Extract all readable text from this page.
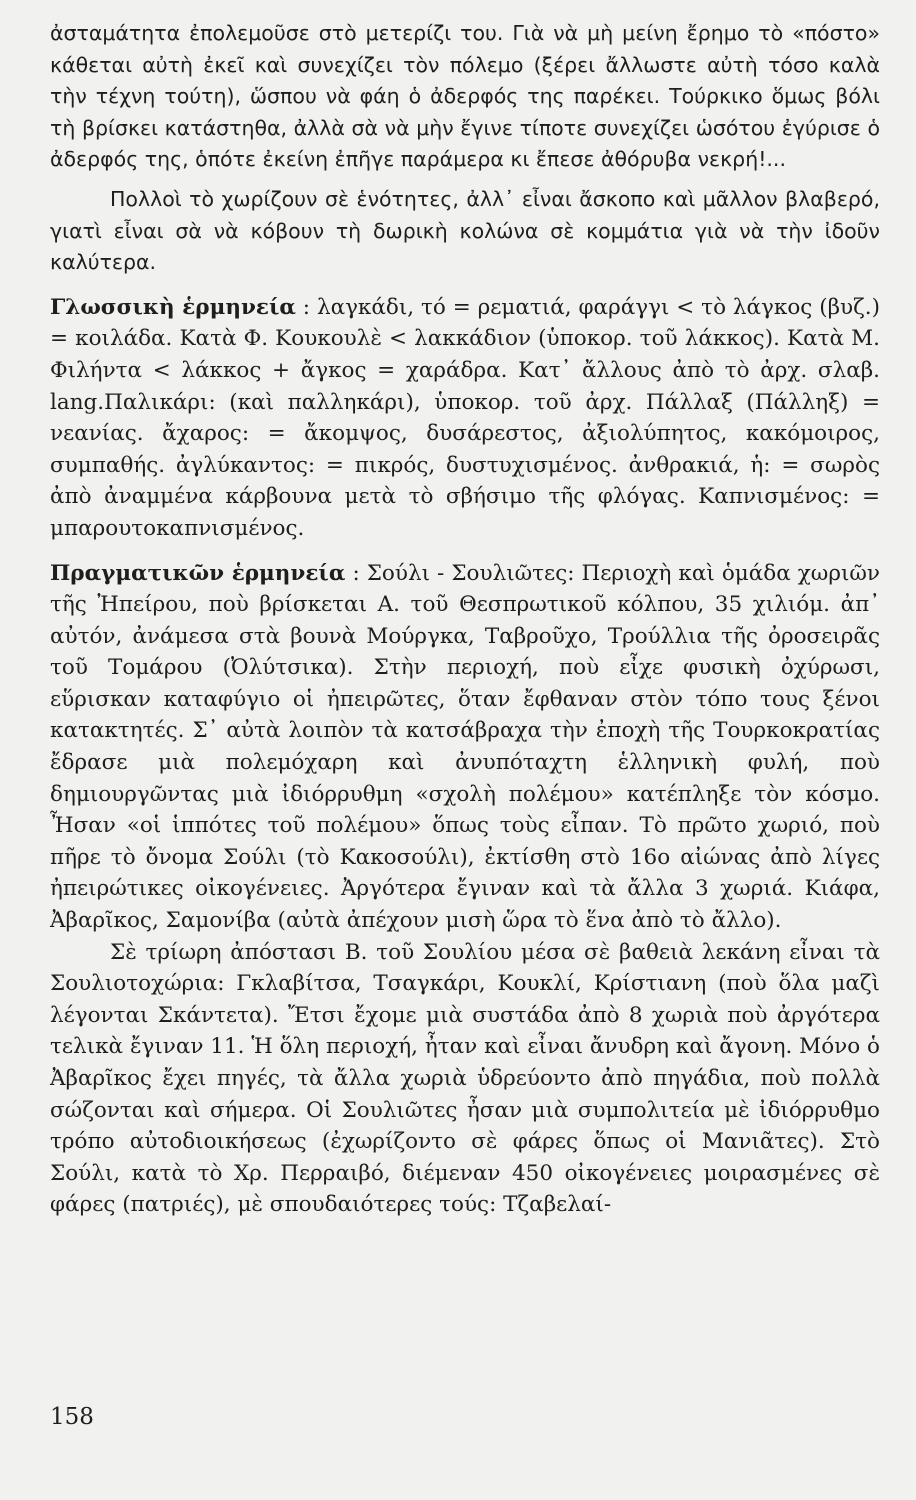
ἀσταμάτητα ἐπολεμοῦσε στὸ μετερίζι του. Γιὰ νὰ μὴ μείνη ἔρημο τὸ «πόστο» κάθεται αὐτὴ ἐκεῖ καὶ συνεχίζει τὸν πόλεμο (ξέρει ἄλλωστε αὐτὴ τόσο καλὰ τὴν τέχνη τούτη), ὥσπου νὰ φάη ὁ ἀδερφός της παρέκει. Τούρκικο ὅμως βόλι τὴ βρίσκει κατάστηθα, ἀλλὰ σὰ νὰ μὴν ἔγινε τίποτε συνεχίζει ὡσότου ἐγύρισε ὁ ἀδερφός της, ὁπότε ἐκείνη ἐπῆγε παράμερα κι ἔπεσε ἀθόρυβα νεκρή!...

Πολλοὶ τὸ χωρίζουν σὲ ἑνότητες, ἀλλ᾽ εἶναι ἄσκοπο καὶ μᾶλλον βλαβερό, γιατὶ εἶναι σὰ νὰ κόβουν τὴ δωρικὴ κολώνα σὲ κομμάτια γιὰ νὰ τὴν ἰδοῦν καλύτερα.

Γλωσσικὴ ἑρμηνεία : λαγκάδι, τό = ρεματιά, φαράγγι < τὸ λάγκος (βυζ.) = κοιλάδα. Κατὰ Φ. Κουκουλὲ < λακκάδιον (ὑποκορ. τοῦ λάκκος). Κατὰ Μ. Φιλήντα < λάκκος + ἄγκος = χαράδρα. Κατ᾽ ἄλλους ἀπὸ τὸ ἀρχ. σλαβ. lang.Παλικάρι: (καὶ παλληκάρι), ὑποκορ. τοῦ ἀρχ. Πάλλαξ (Πάλληξ) = νεανίας. ἄχαρος: = ἄκομψος, δυσάρεστος, ἀξιολύπητος, κακόμοιρος, συμπαθής. ἀγλύκαντος: = πικρός, δυστυχισμένος. ἀνθρακιά, ἡ: = σωρὸς ἀπὸ ἀναμμένα κάρβουνα μετὰ τὸ σβήσιμο τῆς φλόγας. Καπνισμένος: = μπαρουτοκαπνισμένος.

Πραγματικῶν ἑρμηνεία : Σούλι - Σουλιῶτες: Περιοχὴ καὶ ὁμάδα χωριῶν τῆς Ἠπείρου, ποὺ βρίσκεται Α. τοῦ Θεσπρωτικοῦ κόλπου, 35 χιλιόμ. ἀπ᾽ αὐτόν, ἀνάμεσα στὰ βουνὰ Μούργκα, Ταβροῦχο, Τρούλλια τῆς ὀροσειρᾶς τοῦ Τομάρου (Ὀλύτσικα). Στὴν περιοχή, ποὺ εἶχε φυσικὴ ὀχύρωσι, εὕρισκαν καταφύγιο οἱ ἠπειρῶτες, ὅταν ἔφθαναν στὸν τόπο τους ξένοι κατακτητές. Σ᾽ αὐτὰ λοιπὸν τὰ κατσάβραχα τὴν ἐποχὴ τῆς Τουρκοκρατίας ἔδρασε μιὰ πολεμόχαρη καὶ ἀνυπόταχτη ἑλληνικὴ φυλή, ποὺ δημιουργῶντας μιὰ ἰδιόρρυθμη «σχολὴ πολέμου» κατέπληξε τὸν κόσμο. Ἦσαν «οἱ ἱππότες τοῦ πολέμου» ὅπως τοὺς εἶπαν. Τὸ πρῶτο χωριό, ποὺ πῆρε τὸ ὄνομα Σούλι (τὸ Κακοσούλι), ἐκτίσθη στὸ 16ο αἰώνας ἀπὸ λίγες ἠπειρώτικες οἰκογένειες. Ἀργότερα ἔγιναν καὶ τὰ ἄλλα 3 χωριά. Κιάφα, Ἀβαρῖκος, Σαμονίβα (αὐτὰ ἀπέχουν μισὴ ὥρα τὸ ἕνα ἀπὸ τὸ ἄλλο).

Σὲ τρίωρη ἀπόστασι Β. τοῦ Σουλίου μέσα σὲ βαθειὰ λεκάνη εἶναι τὰ Σουλιοτοχώρια: Γκλαβίτσα, Τσαγκάρι, Κουκλί, Κρίστιανη (ποὺ ὅλα μαζὶ λέγονται Σκάντετα). Ἔτσι ἔχομε μιὰ συστάδα ἀπὸ 8 χωριὰ ποὺ ἀργότερα τελικὰ ἔγιναν 11. Ἡ ὅλη περιοχή, ἦταν καὶ εἶναι ἄνυδρη καὶ ἄγονη. Μόνο ὁ Ἀβαρῖκος ἔχει πηγές, τὰ ἄλλα χωριὰ ὑδρεύοντο ἀπὸ πηγάδια, ποὺ πολλὰ σώζονται καὶ σήμερα. Οἱ Σουλιῶτες ἦσαν μιὰ συμπολιτεία μὲ ἰδιόρρυθμο τρόπο αὐτοδιοικήσεως (ἐχωρίζοντο σὲ φάρες ὅπως οἱ Μανιᾶτες). Στὸ Σούλι, κατὰ τὸ Χρ. Περραιβό, διέμεναν 450 οἰκογένειες μοιρασμένες σὲ φάρες (πατριές), μὲ σπουδαιότερες τούς: Τζαβελαί-

158
